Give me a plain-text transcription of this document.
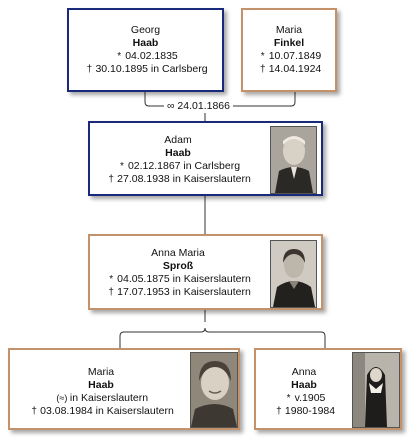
Georg
Haab
* 04.02.1835
† 30.10.1895 in Carlsberg
Maria
Finkel
* 10.07.1849
† 14.04.1924
∞ 24.01.1866
Adam
Haab
* 02.12.1867 in Carlsberg
† 27.08.1938 in Kaiserslautern
Anna Maria
Sproß
* 04.05.1875 in Kaiserslautern
† 17.07.1953 in Kaiserslautern
Maria
Haab
(≈) in Kaiserslautern
† 03.08.1984 in Kaiserslautern
Anna
Haab
* v.1905
† 1980-1984
